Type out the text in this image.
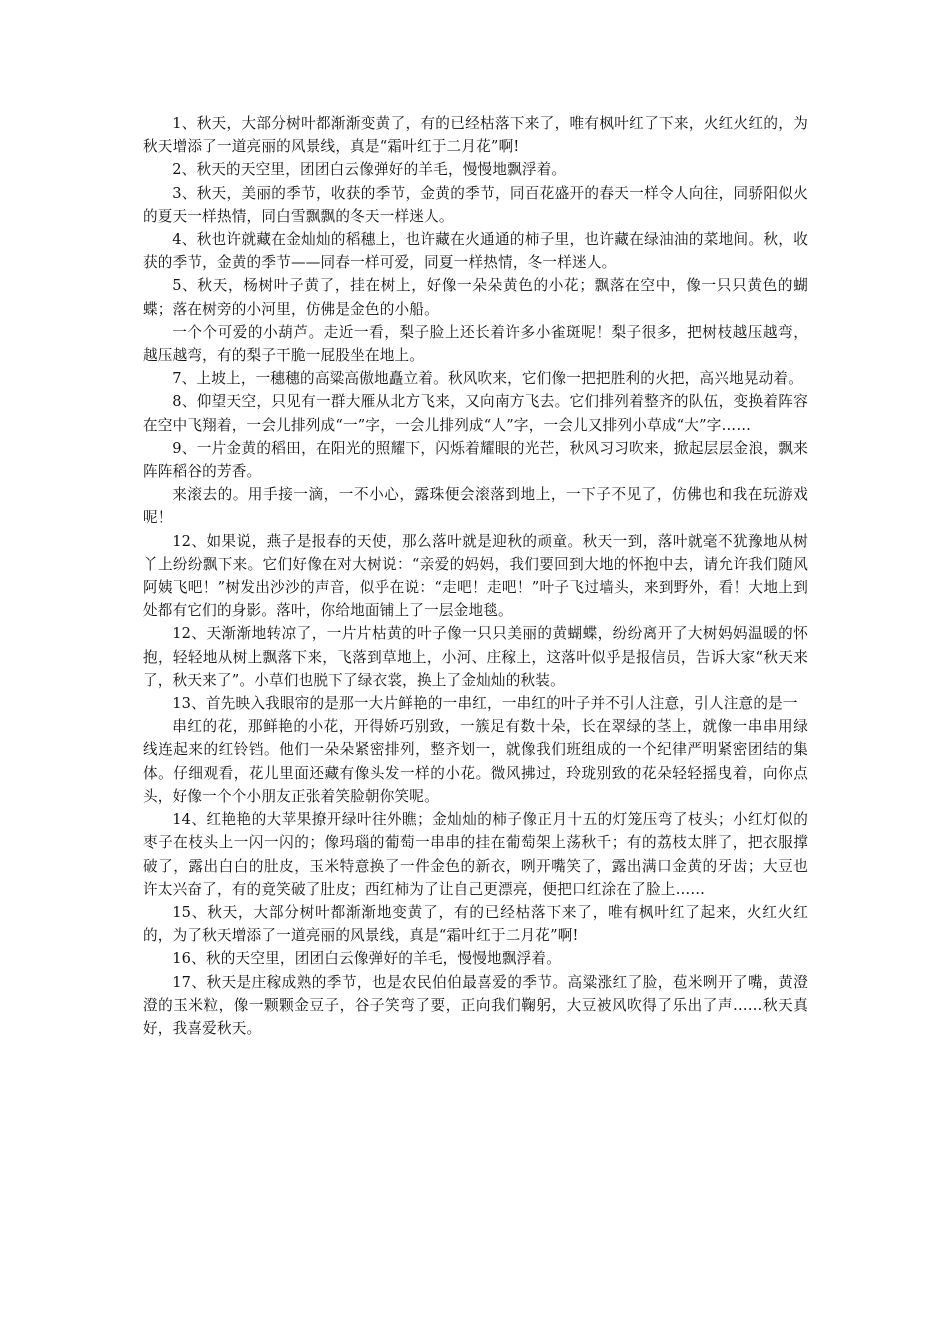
1、秋天，大部分树叶都渐渐变黄了，有的已经枯落下来了，唯有枫叶红了下来，火红火红的，为秋天增添了一道亮丽的风景线，真是“霜叶红于二月花”啊!

2、秋天的天空里，团团白云像弹好的羊毛，慢慢地飘浮着。

3、秋天，美丽的季节，收获的季节，金黄的季节，同百花盛开的春天一样令人向往，同骄阳似火的夏天一样热情，同白雪飘飘的冬天一样迷人。

4、秋也许就藏在金灿灿的稻穗上，也许藏在火通通的柿子里，也许藏在绿油油的菜地间。秋，收获的季节，金黄的季节——同春一样可爱，同夏一样热情，冬一样迷人。

5、秋天，杨树叶子黄了，挂在树上，好像一朵朵黄色的小花；飘落在空中，像一只只黄色的蝴蝶；落在树旁的小河里，仿佛是金色的小船。

一个个可爱的小葫芦。走近一看，梨子脸上还长着许多小雀斑呢！梨子很多，把树枝越压越弯，越压越弯，有的梨子干脆一屁股坐在地上。

7、上坡上，一穗穗的高粱高傲地矗立着。秋风吹来，它们像一把把胜利的火把，高兴地晃动着。

8、仰望天空，只见有一群大雁从北方飞来，又向南方飞去。它们排列着整齐的队伍，变换着阵容在空中飞翔着，一会儿排列成“一”字，一会儿排列成“人”字，一会儿又排列小草成“大”字……

9、一片金黄的稻田，在阳光的照耀下，闪烁着耀眼的光芒，秋风习习吹来，掀起层层金浪，飘来阵阵稻谷的芳香。

来滚去的。用手接一滴，一不小心，露珠便会滚落到地上，一下子不见了，仿佛也和我在玩游戏呢！

12、如果说，燕子是报春的天使，那么落叶就是迎秋的顽童。秋天一到，落叶就毫不犹豫地从树丫上纷纷飘下来。它们好像在对大树说：“亲爱的妈妈，我们要回到大地的怀抱中去，请允许我们随风阿姨飞吧！”树发出沙沙的声音，似乎在说：“走吧！走吧！”叶子飞过墙头，来到野外，看！大地上到处都有它们的身影。落叶，你给地面铺上了一层金地毯。

12、天渐渐地转凉了，一片片枯黄的叶子像一只只美丽的黄蝴蝶，纷纷离开了大树妈妈温暖的怀抱，轻轻地从树上飘落下来，飞落到草地上，小河、庄稼上，这落叶似乎是报信员，告诉大家“秋天来了，秋天来了”。小草们也脱下了绿衣裳，换上了金灿灿的秋装。

13、首先映入我眼帘的是那一大片鲜艳的一串红，一串红的叶子并不引人注意，引人注意的是一

串红的花，那鲜艳的小花，开得娇巧别致，一簇足有数十朵，长在翠绿的茎上，就像一串串用绿线连起来的红铃铛。他们一朵朵紧密排列，整齐划一，就像我们班组成的一个纪律严明紧密团结的集体。仔细观看，花儿里面还藏有像头发一样的小花。微风拂过，玲珑别致的花朵轻轻摇曳着，向你点头，好像一个个小朋友正张着笑脸朝你笑呢。

14、红艳艳的大苹果撩开绿叶往外瞧；金灿灿的柿子像正月十五的灯笼压弯了枝头；小红灯似的枣子在枝头上一闪一闪的；像玛瑙的葡萄一串串的挂在葡萄架上荡秋千；有的荔枝太胖了，把衣服撑破了，露出白白的肚皮，玉米特意换了一件金色的新衣，咧开嘴笑了，露出满口金黄的牙齿；大豆也许太兴奋了，有的竟笑破了肚皮；西红柿为了让自己更漂亮，便把口红涂在了脸上……

15、秋天，大部分树叶都渐渐地变黄了，有的已经枯落下来了，唯有枫叶红了起来，火红火红的，为了秋天增添了一道亮丽的风景线，真是“霜叶红于二月花”啊!

16、秋的天空里，团团白云像弹好的羊毛，慢慢地飘浮着。

17、秋天是庄稼成熟的季节，也是农民伯伯最喜爱的季节。高粱涨红了脸，苞米咧开了嘴，黄澄澄的玉米粒，像一颗颗金豆子，谷子笑弯了要，正向我们鞠躬，大豆被风吹得了乐出了声……秋天真好，我喜爱秋天。
